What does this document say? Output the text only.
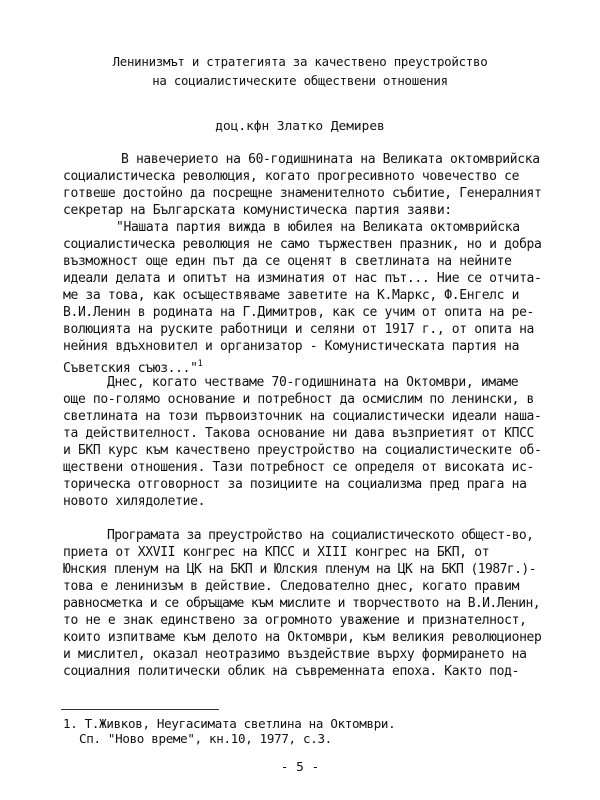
Ленинизмът и стратегията за качествено преустройство
на социалистическите обществени отношения

доц.кфн Златко Демирев

В навечерието на 60-годишнината на Великата октомврийска
социалистическа революция, когато прогресивното човечество се
готвеше достойно да посрещне знаменителното събитие, Генералният
секретар на Българската комунистическа партия заяви:
"Нашата партия вижда в юбилея на Великата октомврийска
социалистическа революция не само тържествен празник, но и добра
възможност още един път да се оценят в светлината на нейните
идеали делата и опитът на изминатия от нас път... Ние се отчита-
ме за това, как осъществяваме заветите на К.Маркс, Ф.Енгелс и
В.И.Ленин в родината на Г.Димитров, как се учим от опита на ре-
волюцията на руските работници и селяни от 1917 г., от опита на
нейния вдъхновител и организатор - Комунистическата партия на
Съветския съюз..."$^1$
Днес, когато честваме 70-годишнината на Октомври, имаме
още по-голямо основание и потребност да осмислим по ленински, в
светлината на този първоизточник на социалистически идеали наша-
та действителност. Такова основание ни дава възприетият от КПСС
и БКП курс към качествено преустройство на социалистическите об-
ществени отношения. Тази потребност се определя от високата ис-
торическа отговорност за позициите на социализма пред прага на
новото хилядолетие.
Програмата за преустройство на социалистическото общест-во,
приета от XXVII конгрес на КПСС и XIII конгрес на БКП, от
Юнския пленум на ЦК на БКП и Юлския пленум на ЦК на БКП (1987г.)-
това е ленинизъм в действие. Следователно днес, когато правим
равносметка и се обръщаме към мислите и творчеството на В.И.Ленин,
то не е знак единствено за огромното уважение и признателност,
които изпитваме към делото на Октомври, към великия революционер
и мислител, оказал неотразимо въздействие върху формирането на
социалния политически облик на съвременната епоха. Както под-
1. Т.Живков, Неугасимата светлина на Октомври.
Сп. "Ново време", кн.10, 1977, с.3.

- 5 -
